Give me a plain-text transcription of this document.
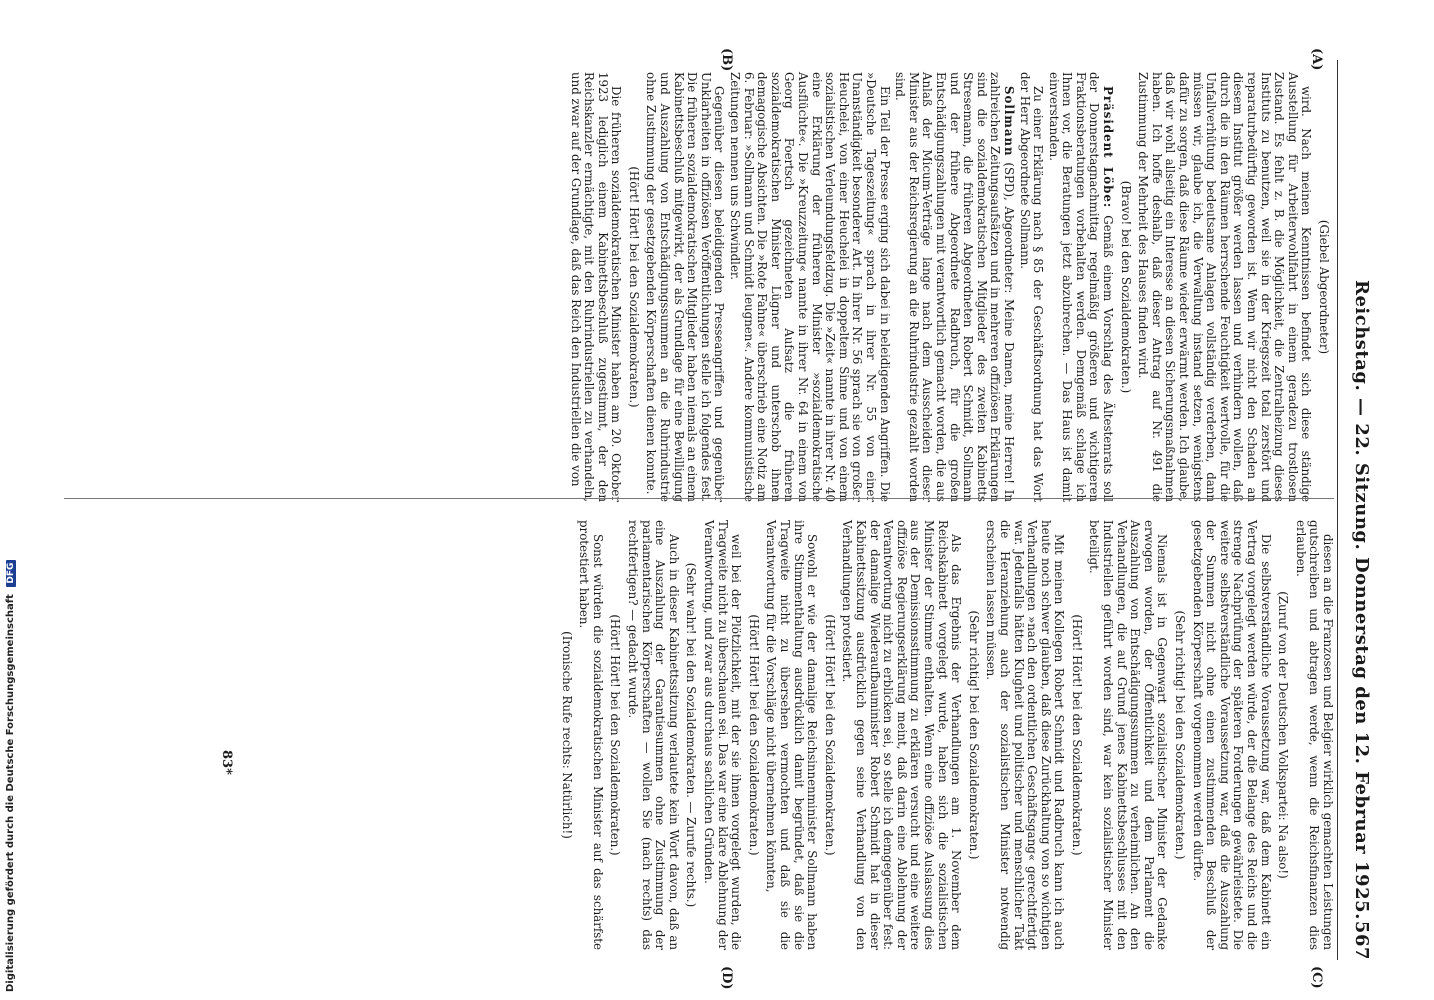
Reichstag. — 22. Sitzung. Donnerstag den 12. Februar 1925.
567
(A)
(B)
(C)
(D)

(Giebel Abgeordneter)

wird. Nach meinen Kenntnissen befindet sich diese ständige Ausstellung für Arbeiterwohlfahrt in einem geradezu trostlosen Zustand. Es fehlt z. B. die Möglichkeit, die Zentralheizung dieses Instituts zu benutzen, weil sie in der Kriegszeit total zerstört und reparaturbedürftig geworden ist. Wenn wir nicht den Schaden an diesem Institut größer werden lassen und verhindern wollen, daß durch die in den Räumen herrschende Feuchtigkeit wertvolle, für die Unfallverhütung bedeutsame Anlagen vollständig verderben, dann müssen wir, glaube ich, die Verwaltung instand setzen, wenigstens dafür zu sorgen, daß diese Räume wieder erwärmt werden. Ich glaube, daß wir wohl allseitig ein Interesse an diesen Sicherungsmaßnahmen haben. Ich hoffe deshalb, daß dieser Antrag auf Nr. 491 die Zustimmung der Mehrheit des Hauses finden wird.

(Bravo! bei den Sozialdemokraten.)

Präsident Löbe: Gemäß einem Vorschlag des Ältestenrats soll der Donnerstagnachmittag regelmäßig größeren und wichtigeren Fraktionsberatungen vorbehalten werden. Demgemäß schlage ich Ihnen vor, die Beratungen jetzt abzubrechen. — Das Haus ist damit einverstanden.

Zu einer Erklärung nach § 85 der Geschäftsordnung hat das Wort der Herr Abgeordnete Sollmann.

Sollmann (SPD), Abgeordneter: Meine Damen, meine Herren! In zahlreichen Zeitungsaufsätzen und in mehreren offiziösen Erklärungen sind die sozialdemokratischen Mitglieder des zweiten Kabinetts Stresemann, die früheren Abgeordneten Robert Schmidt, Sollmann und der frühere Abgeordnete Radbruch, für die großen Entschädigungszahlungen mit verantwortlich gemacht worden, die aus Anlaß der Micum-Verträge lange nach dem Ausscheiden dieser Minister aus der Reichsregierung an die Ruhrindustrie gezahlt worden sind.

Ein Teil der Presse erging sich dabei in beleidigenden Angriffen. Die »Deutsche Tageszeitung« sprach in ihrer Nr. 55 von einer Unanständigkeit besonderer Art. In ihrer Nr. 56 sprach sie von großer Heuchelei, von einer Heuchelei in doppeltem Sinne und von einem sozialistischen Verleumdungsfeldzug. Die »Zeit« nannte in ihrer Nr. 40 eine Erklärung der früheren Minister »sozialdemokratische Ausflüchte«. Die »Kreuzzeitung« nannte in ihrer Nr. 64 in einem von Georg Foertsch gezeichneten Aufsatz die früheren sozialdemokratischen Minister Lügner und unterschob ihnen demagogische Absichten. Die »Rote Fahne« überschrieb eine Notiz am 6. Februar: »Sollmann und Schmidt leugnen«. Andere kommunistische Zeitungen nennen uns Schwindler.

Gegenüber diesen beleidigenden Presseangriffen und gegenüber Unklarheiten in offiziösen Veröffentlichungen stelle ich folgendes fest. Die früheren sozialdemokratischen Mitglieder haben niemals an einem Kabinettsbeschluß mitgewirkt, der als Grundlage für eine Bewilligung und Auszahlung von Entschädigungssummen an die Ruhrindustrie ohne Zustimmung der gesetzgebenden Körperschaften dienen konnte.

(Hört! Hört! bei den Sozialdemokraten.)

Die früheren sozialdemokratischen Minister haben am 20. Oktober 1923 lediglich einem Kabinettsbeschluß zugestimmt, der den Reichskanzler ermächtigte, mit den Ruhrindustriellen zu verhandeln, und zwar auf der Grundlage, daß das Reich den Industriellen die von

diesen an die Franzosen und Belgier wirklich gemachten Leistungen gutschreiben und abtragen werde, wenn die Reichsfinanzen dies erlauben.

(Zuruf von der Deutschen Volkspartei: Na also!)

Die selbstverständliche Voraussetzung war, daß dem Kabinett ein Vertrag vorgelegt werden würde, der die Belange des Reichs und die strenge Nachprüfung der späteren Forderungen gewährleistete. Die weitere selbstverständliche Voraussetzung war, daß die Auszahlung der Summen nicht ohne einen zustimmenden Beschluß der gesetzgebenden Körperschaft vorgenommen werden dürfte.

(Sehr richtig! bei den Sozialdemokraten.)

Niemals ist in Gegenwart sozialistischer Minister der Gedanke erwogen worden, der Öffentlichkeit und dem Parlament die Auszahlung von Entschädigungssummen zu verheimlichen. An den Verhandlungen, die auf Grund jenes Kabinettsbeschlusses mit den Industriellen geführt worden sind, war kein sozialistischer Minister beteiligt.

(Hört! Hört! bei den Sozialdemokraten.)

Mit meinen Kollegen Robert Schmidt und Radbruch kann ich auch heute noch schwer glauben, daß diese Zurückhaltung von so wichtigen Verhandlungen »nach den ordentlichen Geschäftsgang« gerechtfertigt war. Jedenfalls hätten Klugheit und politischer und menschlicher Takt die Heranziehung auch der sozialistischen Minister notwendig erscheinen lassen müssen.

(Sehr richtig! bei den Sozialdemokraten.)

Als das Ergebnis der Verhandlungen am 1. November dem Reichskabinett vorgelegt wurde, haben sich die sozialistischen Minister der Stimme enthalten. Wenn eine offiziöse Auslassung dies aus der Demissionsstimmung zu erklären versucht und eine weitere offiziöse Regierungserklärung meint, daß darin eine Ablehnung der Verantwortung nicht zu erblicken sei, so stelle ich demgegenüber fest: der damalige Wiederaufbauminister Robert Schmidt hat in dieser Kabinettssitzung ausdrücklich gegen seine Verhandlung von den Verhandlungen protestiert.

(Hört! Hört! bei den Sozialdemokraten.)

Sowohl er wie der damalige Reichsinnenminister Sollmann haben ihre Stimmenthaltung ausdrücklich damit begründet, daß sie die Tragweite nicht zu übersehen vermochten und daß sie die Verantwortung für die Vorschläge nicht übernehmen könnten,

(Hört! Hört! bei den Sozialdemokraten.)

weil bei der Plötzlichkeit, mit der sie ihnen vorgelegt wurden, die Tragweite nicht zu überschauen sei. Das war eine klare Ablehnung der Verantwortung, und zwar aus durchaus sachlichen Gründen.

(Sehr wahr! bei den Sozialdemokraten. — Zurufe rechts.)

Auch in dieser Kabinettssitzung verlautete kein Wort davon, daß an eine Auszahlung der Garantiesummen ohne Zustimmung der parlamentarischen Körperschaften — wollen Sie (nach rechts) das rechtfertigen? — gedacht wurde.

(Hört! Hört! bei den Sozialdemokraten.)

Sonst würden die sozialdemokratischen Minister auf das schärfste protestiert haben.

(Ironische Rufe rechts: Natürlich!)

83*
Digitalisierung gefördert durch die Deutsche Forschungsgemeinschaft DFG
